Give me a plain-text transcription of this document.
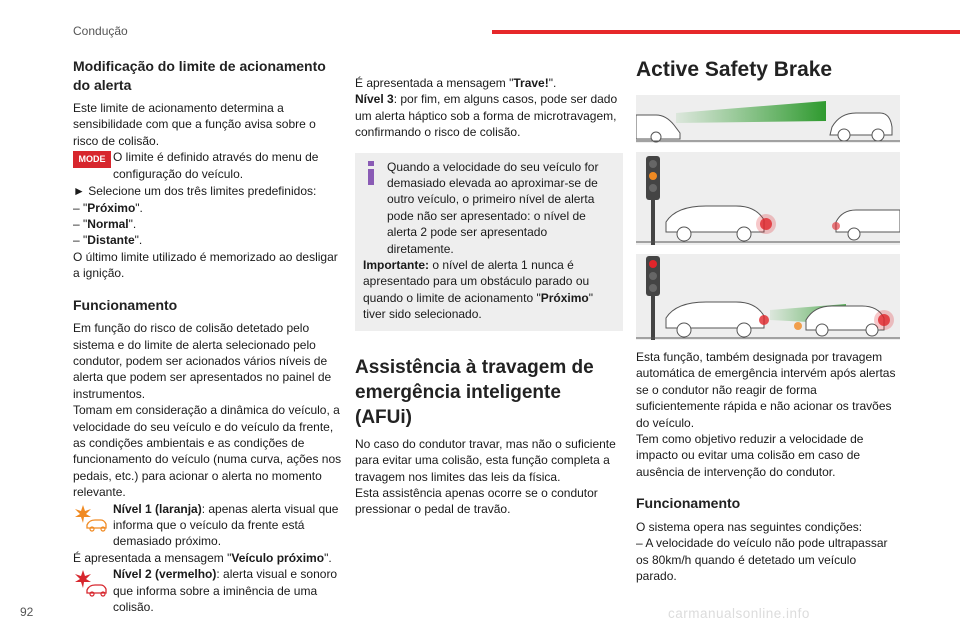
Condução
Modificação do limite de acionamento do alerta

Este limite de acionamento determina a sensibilidade com que a função avisa sobre o risco de colisão.

MODE O limite é definido através do menu de configuração do veículo.

► Selecione um dos três limites predefinidos:

– "Próximo".

– "Normal".

– "Distante".

O último limite utilizado é memorizado ao desligar a ignição.

Funcionamento

Em função do risco de colisão detetado pelo sistema e do limite de alerta selecionado pelo condutor, podem ser acionados vários níveis de alerta que podem ser apresentados no painel de instrumentos.

Tomam em consideração a dinâmica do veículo, a velocidade do seu veículo e do veículo da frente, as condições ambientais e as condições de funcionamento do veículo (numa curva, ações nos pedais, etc.) para acionar o alerta no momento relevante.

Nível 1 (laranja): apenas alerta visual que informa que o veículo da frente está demasiado próximo.

É apresentada a mensagem "Veículo próximo".

Nível 2 (vermelho): alerta visual e sonoro que informa sobre a iminência de uma colisão.

É apresentada a mensagem "Trave!".

Nível 3: por fim, em alguns casos, pode ser dado um alerta háptico sob a forma de microtravagem, confirmando o risco de colisão.

Quando a velocidade do seu veículo for demasiado elevada ao aproximar-se de outro veículo, o primeiro nível de alerta pode não ser apresentado: o nível de alerta 2 pode ser apresentado diretamente.

Importante: o nível de alerta 1 nunca é apresentado para um obstáculo parado ou quando o limite de acionamento "Próximo" tiver sido selecionado.

Assistência à travagem de emergência inteligente (AFUi)

No caso do condutor travar, mas não o suficiente para evitar uma colisão, esta função completa a travagem nos limites das leis da física.

Esta assistência apenas ocorre se o condutor pressionar o pedal de travão.

Active Safety Brake

Esta função, também designada por travagem automática de emergência intervém após alertas se o condutor não reagir de forma suficientemente rápida e não acionar os travões do veículo.

Tem como objetivo reduzir a velocidade de impacto ou evitar uma colisão em caso de ausência de intervenção do condutor.

Funcionamento

O sistema opera nas seguintes condições:

– A velocidade do veículo não pode ultrapassar os 80km/h quando é detetado um veículo parado.

92	carmanualsonline.info
